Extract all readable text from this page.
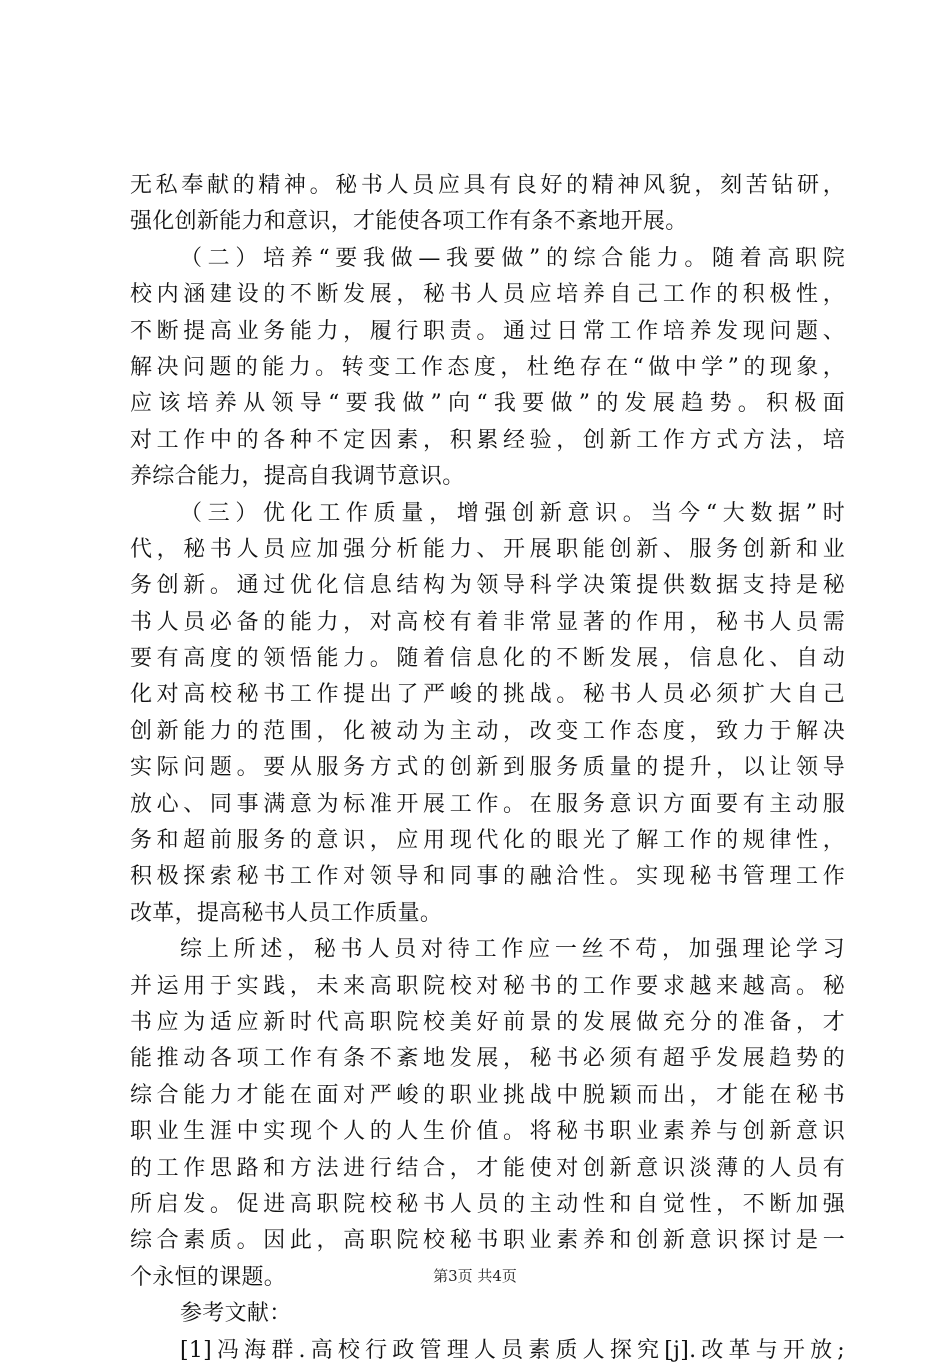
无私奉献的精神。秘书人员应具有良好的精神风貌，刻苦钻研，
强化创新能力和意识，才能使各项工作有条不紊地开展。
（二）培养“要我做—我要做”的综合能力。随着高职院
校内涵建设的不断发展，秘书人员应培养自己工作的积极性，
不断提高业务能力，履行职责。通过日常工作培养发现问题、
解决问题的能力。转变工作态度，杜绝存在“做中学”的现象，
应该培养从领导“要我做”向“我要做”的发展趋势。积极面
对工作中的各种不定因素，积累经验，创新工作方式方法，培
养综合能力，提高自我调节意识。
（三）优化工作质量，增强创新意识。当今“大数据”时
代，秘书人员应加强分析能力、开展职能创新、服务创新和业
务创新。通过优化信息结构为领导科学决策提供数据支持是秘
书人员必备的能力，对高校有着非常显著的作用，秘书人员需
要有高度的领悟能力。随着信息化的不断发展，信息化、自动
化对高校秘书工作提出了严峻的挑战。秘书人员必须扩大自己
创新能力的范围，化被动为主动，改变工作态度，致力于解决
实际问题。要从服务方式的创新到服务质量的提升，以让领导
放心、同事满意为标准开展工作。在服务意识方面要有主动服
务和超前服务的意识，应用现代化的眼光了解工作的规律性，
积极探索秘书工作对领导和同事的融洽性。实现秘书管理工作
改革，提高秘书人员工作质量。
综上所述，秘书人员对待工作应一丝不苟，加强理论学习
并运用于实践，未来高职院校对秘书的工作要求越来越高。秘
书应为适应新时代高职院校美好前景的发展做充分的准备，才
能推动各项工作有条不紊地发展，秘书必须有超乎发展趋势的
综合能力才能在面对严峻的职业挑战中脱颖而出，才能在秘书
职业生涯中实现个人的人生价值。将秘书职业素养与创新意识
的工作思路和方法进行结合，才能使对创新意识淡薄的人员有
所启发。促进高职院校秘书人员的主动性和自觉性，不断加强
综合素质。因此，高职院校秘书职业素养和创新意识探讨是一
个永恒的课题。
参考文献：
[1]冯海群.高校行政管理人员素质人探究[j].改革与开放;
第3页 共4页
